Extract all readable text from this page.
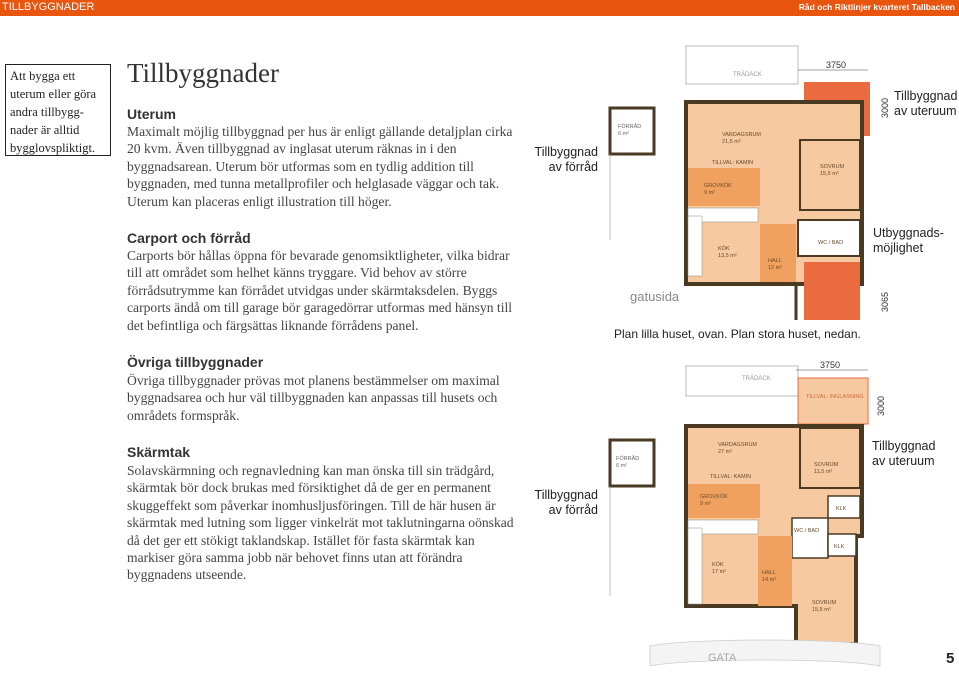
TILLBYGGNADER	Råd och Riktlinjer kvarteret Tallbacken
Att bygga ett uterum eller göra andra tillbygg-nader är alltid bygglovspliktigt.
Tillbyggnader
Uterum
Maximalt möjlig tillbyggnad per hus är enligt gällande detaljplan cirka 20 kvm. Även tillbyggnad av inglasat uterum räknas in i den byggnadsarean. Uterum bör utformas som en tydlig addition till byggnaden, med tunna metallprofiler och helglasade väggar och tak. Uterum kan placeras enligt illustration till höger.
Carport och förråd
Carports bör hållas öppna för bevarade genomsiktligheter, vilka bidrar till att området som helhet känns tryggare. Vid behov av större förrådsutrymme kan förrådet utvidgas under skärmtaksdelen. Byggs carports ändå om till garage bör garagedörrar utformas med hänsyn till det befintliga och färgsättas liknande förrådens panel.
Övriga tillbyggnader
Övriga tillbyggnader prövas mot planens bestämmelser om maximal byggnadsarea och hur väl tillbyggnaden kan anpassas till husets och områdets formspråk.
Skärmtak
Solavskärmning och regnavledning kan man önska till sin trädgård, skärmtak bör dock brukas med försiktighet då de ger en permanent skuggeffekt som påverkar inomhusljusföringen. Till de här husen är skärmtak med lutning som ligger vinkelrät mot taklutningarna oönskad då det ger ett stökigt taklandskap. Istället för fasta skärmtak kan markiser göra samma jobb när behovet finns utan att förändra byggnadens utseende.
Tillbyggnad av förråd
Tillbyggnad av uteruum
Utbyggnads-möjlighet
gatusida
Plan lilla huset, ovan. Plan stora huset, nedan.
Tillbyggnad av förråd
Tillbyggnad av uteruum
TRÄDÄCK
3750
3000
FÖRRÅD
6 m²	VARDAGSRUM
21,5 m²
TILLVAL: KAMIN
GROVKÖK
9 m²
SOVRUM
15,5 m²
KÖK
13,5 m²
HALL
12 m²
WC / BAD
3065
TRÄDÄCK
3750
3000
TILLVAL: INGLASNING
FÖRRÅD
6 m²
VARDAGSRUM
27 m²
TILLVAL: KAMIN
GROVKÖK
9 m²
SOVRUM
11,5 m²
KLK
WC / BAD
KLK
KÖK
17 m²	HALL
14 m²
SOVRUM
15,5 m²
GATA	5
